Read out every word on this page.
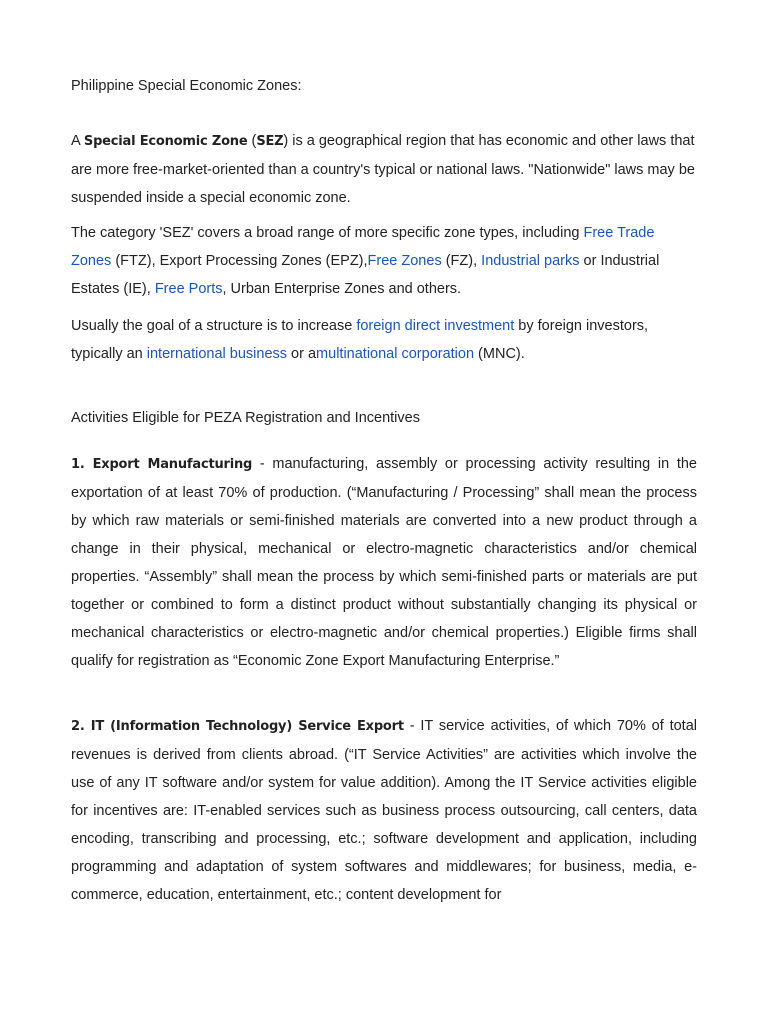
Philippine Special Economic Zones:

A Special Economic Zone (SEZ) is a geographical region that has economic and other laws that are more free-market-oriented than a country's typical or national laws. "Nationwide" laws may be suspended inside a special economic zone.

The category 'SEZ' covers a broad range of more specific zone types, including Free Trade Zones (FTZ), Export Processing Zones (EPZ),Free Zones (FZ), Industrial parks or Industrial Estates (IE), Free Ports, Urban Enterprise Zones and others.

Usually the goal of a structure is to increase foreign direct investment by foreign investors, typically an international business or amultinational corporation (MNC).

Activities Eligible for PEZA Registration and Incentives

1. Export Manufacturing - manufacturing, assembly or processing activity resulting in the exportation of at least 70% of production. (“Manufacturing / Processing” shall mean the process by which raw materials or semi-finished materials are converted into a new product through a change in their physical, mechanical or electro-magnetic characteristics and/or chemical properties. “Assembly” shall mean the process by which semi-finished parts or materials are put together or combined to form a distinct product without substantially changing its physical or mechanical characteristics or electro-magnetic and/or chemical properties.) Eligible firms shall qualify for registration as “Economic Zone Export Manufacturing Enterprise.”

2. IT (Information Technology) Service Export - IT service activities, of which 70% of total revenues is derived from clients abroad. (“IT Service Activities” are activities which involve the use of any IT software and/or system for value addition). Among the IT Service activities eligible for incentives are: IT-enabled services such as business process outsourcing, call centers, data encoding, transcribing and processing, etc.; software development and application, including programming and adaptation of system softwares and middlewares; for business, media, e-commerce, education, entertainment, etc.; content development for
